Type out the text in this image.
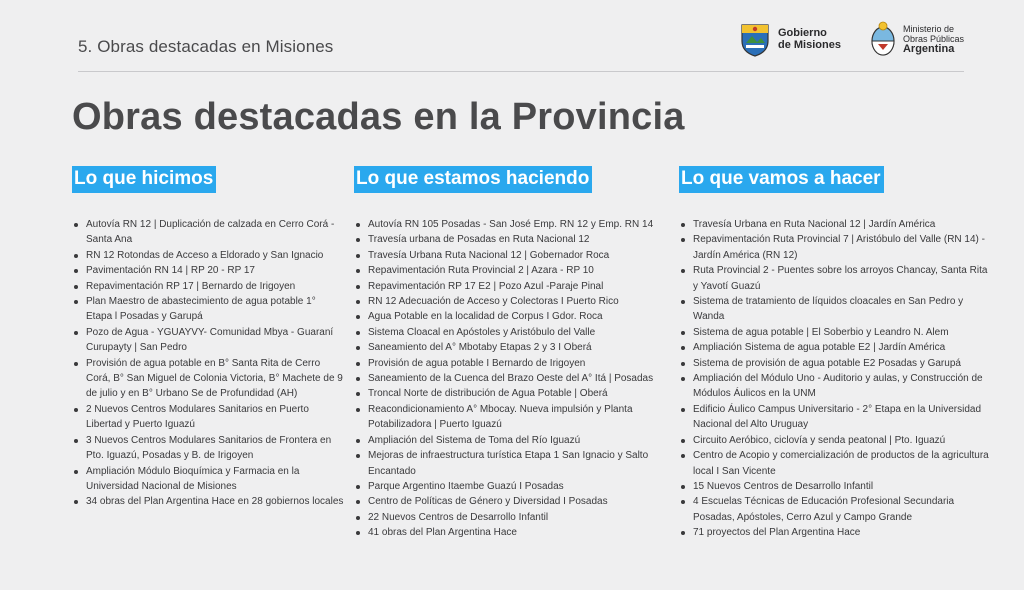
5. Obras destacadas en Misiones
Gobierno
de Misiones
Ministerio de
Obras Públicas
Argentina
Obras destacadas en la Provincia
Lo que hicimos
Autovía RN 12 | Duplicación de calzada en Cerro Corá - Santa Ana
RN 12 Rotondas de Acceso a Eldorado y San Ignacio
Pavimentación RN 14 | RP 20 - RP 17
Repavimentación RP 17 | Bernardo de Irigoyen
Plan Maestro de abastecimiento de agua potable 1° Etapa l Posadas y Garupá
Pozo de Agua - YGUAYVY- Comunidad Mbya - Guaraní Curupayty | San Pedro
Provisión de agua potable en B° Santa Rita de Cerro Corá, B° San Miguel de Colonia Victoria, B° Machete de 9 de julio y en B° Urbano Se de Profundidad (AH)
2 Nuevos Centros Modulares Sanitarios en Puerto Libertad y Puerto Iguazú
3 Nuevos Centros Modulares Sanitarios de Frontera en Pto. Iguazú, Posadas y B. de Irigoyen
Ampliación Módulo Bioquímica y Farmacia en la Universidad Nacional de Misiones
34 obras del Plan Argentina Hace en 28 gobiernos locales
Lo que estamos haciendo
Autovía RN 105 Posadas - San José Emp. RN 12 y Emp. RN 14
Travesía urbana de Posadas en Ruta Nacional 12
Travesía Urbana Ruta Nacional 12 | Gobernador Roca
Repavimentación Ruta Provincial 2 | Azara - RP 10
Repavimentación RP 17 E2 | Pozo Azul -Paraje Pinal
RN 12 Adecuación de Acceso y Colectoras I Puerto Rico
Agua Potable en la localidad de Corpus I Gdor. Roca
Sistema Cloacal en Apóstoles y Aristóbulo del Valle
Saneamiento del A° Mbotaby Etapas 2 y 3 I Oberá
Provisión de agua potable I Bernardo de Irigoyen
Saneamiento de la Cuenca del Brazo Oeste del A° Itá | Posadas
Troncal Norte de distribución de Agua Potable | Oberá
Reacondicionamiento A° Mbocay. Nueva impulsión y Planta Potabilizadora | Puerto Iguazú
Ampliación del Sistema de Toma del Río Iguazú
Mejoras de infraestructura turística Etapa 1 San Ignacio y Salto Encantado
Parque Argentino Itaembe Guazú I Posadas
Centro de Políticas de Género y Diversidad I Posadas
22 Nuevos Centros de Desarrollo Infantil
41 obras del Plan Argentina Hace
Lo que vamos a hacer
Travesía Urbana en Ruta Nacional 12 | Jardín América
Repavimentación Ruta Provincial 7 | Aristóbulo del Valle (RN 14) - Jardín América (RN 12)
Ruta Provincial 2 - Puentes sobre los arroyos Chancay, Santa Rita y Yavotí Guazú
Sistema de tratamiento de líquidos cloacales en San Pedro y Wanda
Sistema de agua potable | El Soberbio y Leandro N. Alem
Ampliación Sistema de agua potable E2 | Jardín América
Sistema de provisión de agua potable E2 Posadas y Garupá
Ampliación del Módulo Uno - Auditorio y aulas, y Construcción de Módulos Áulicos en la UNM
Edificio Áulico Campus Universitario - 2° Etapa en la Universidad Nacional del Alto Uruguay
Circuito Aeróbico, ciclovía y senda peatonal | Pto. Iguazú
Centro de Acopio y comercialización de productos de la agricultura local I San Vicente
15 Nuevos Centros de Desarrollo Infantil
4 Escuelas Técnicas de Educación Profesional Secundaria Posadas, Apóstoles, Cerro Azul y Campo Grande
71 proyectos del Plan Argentina Hace
